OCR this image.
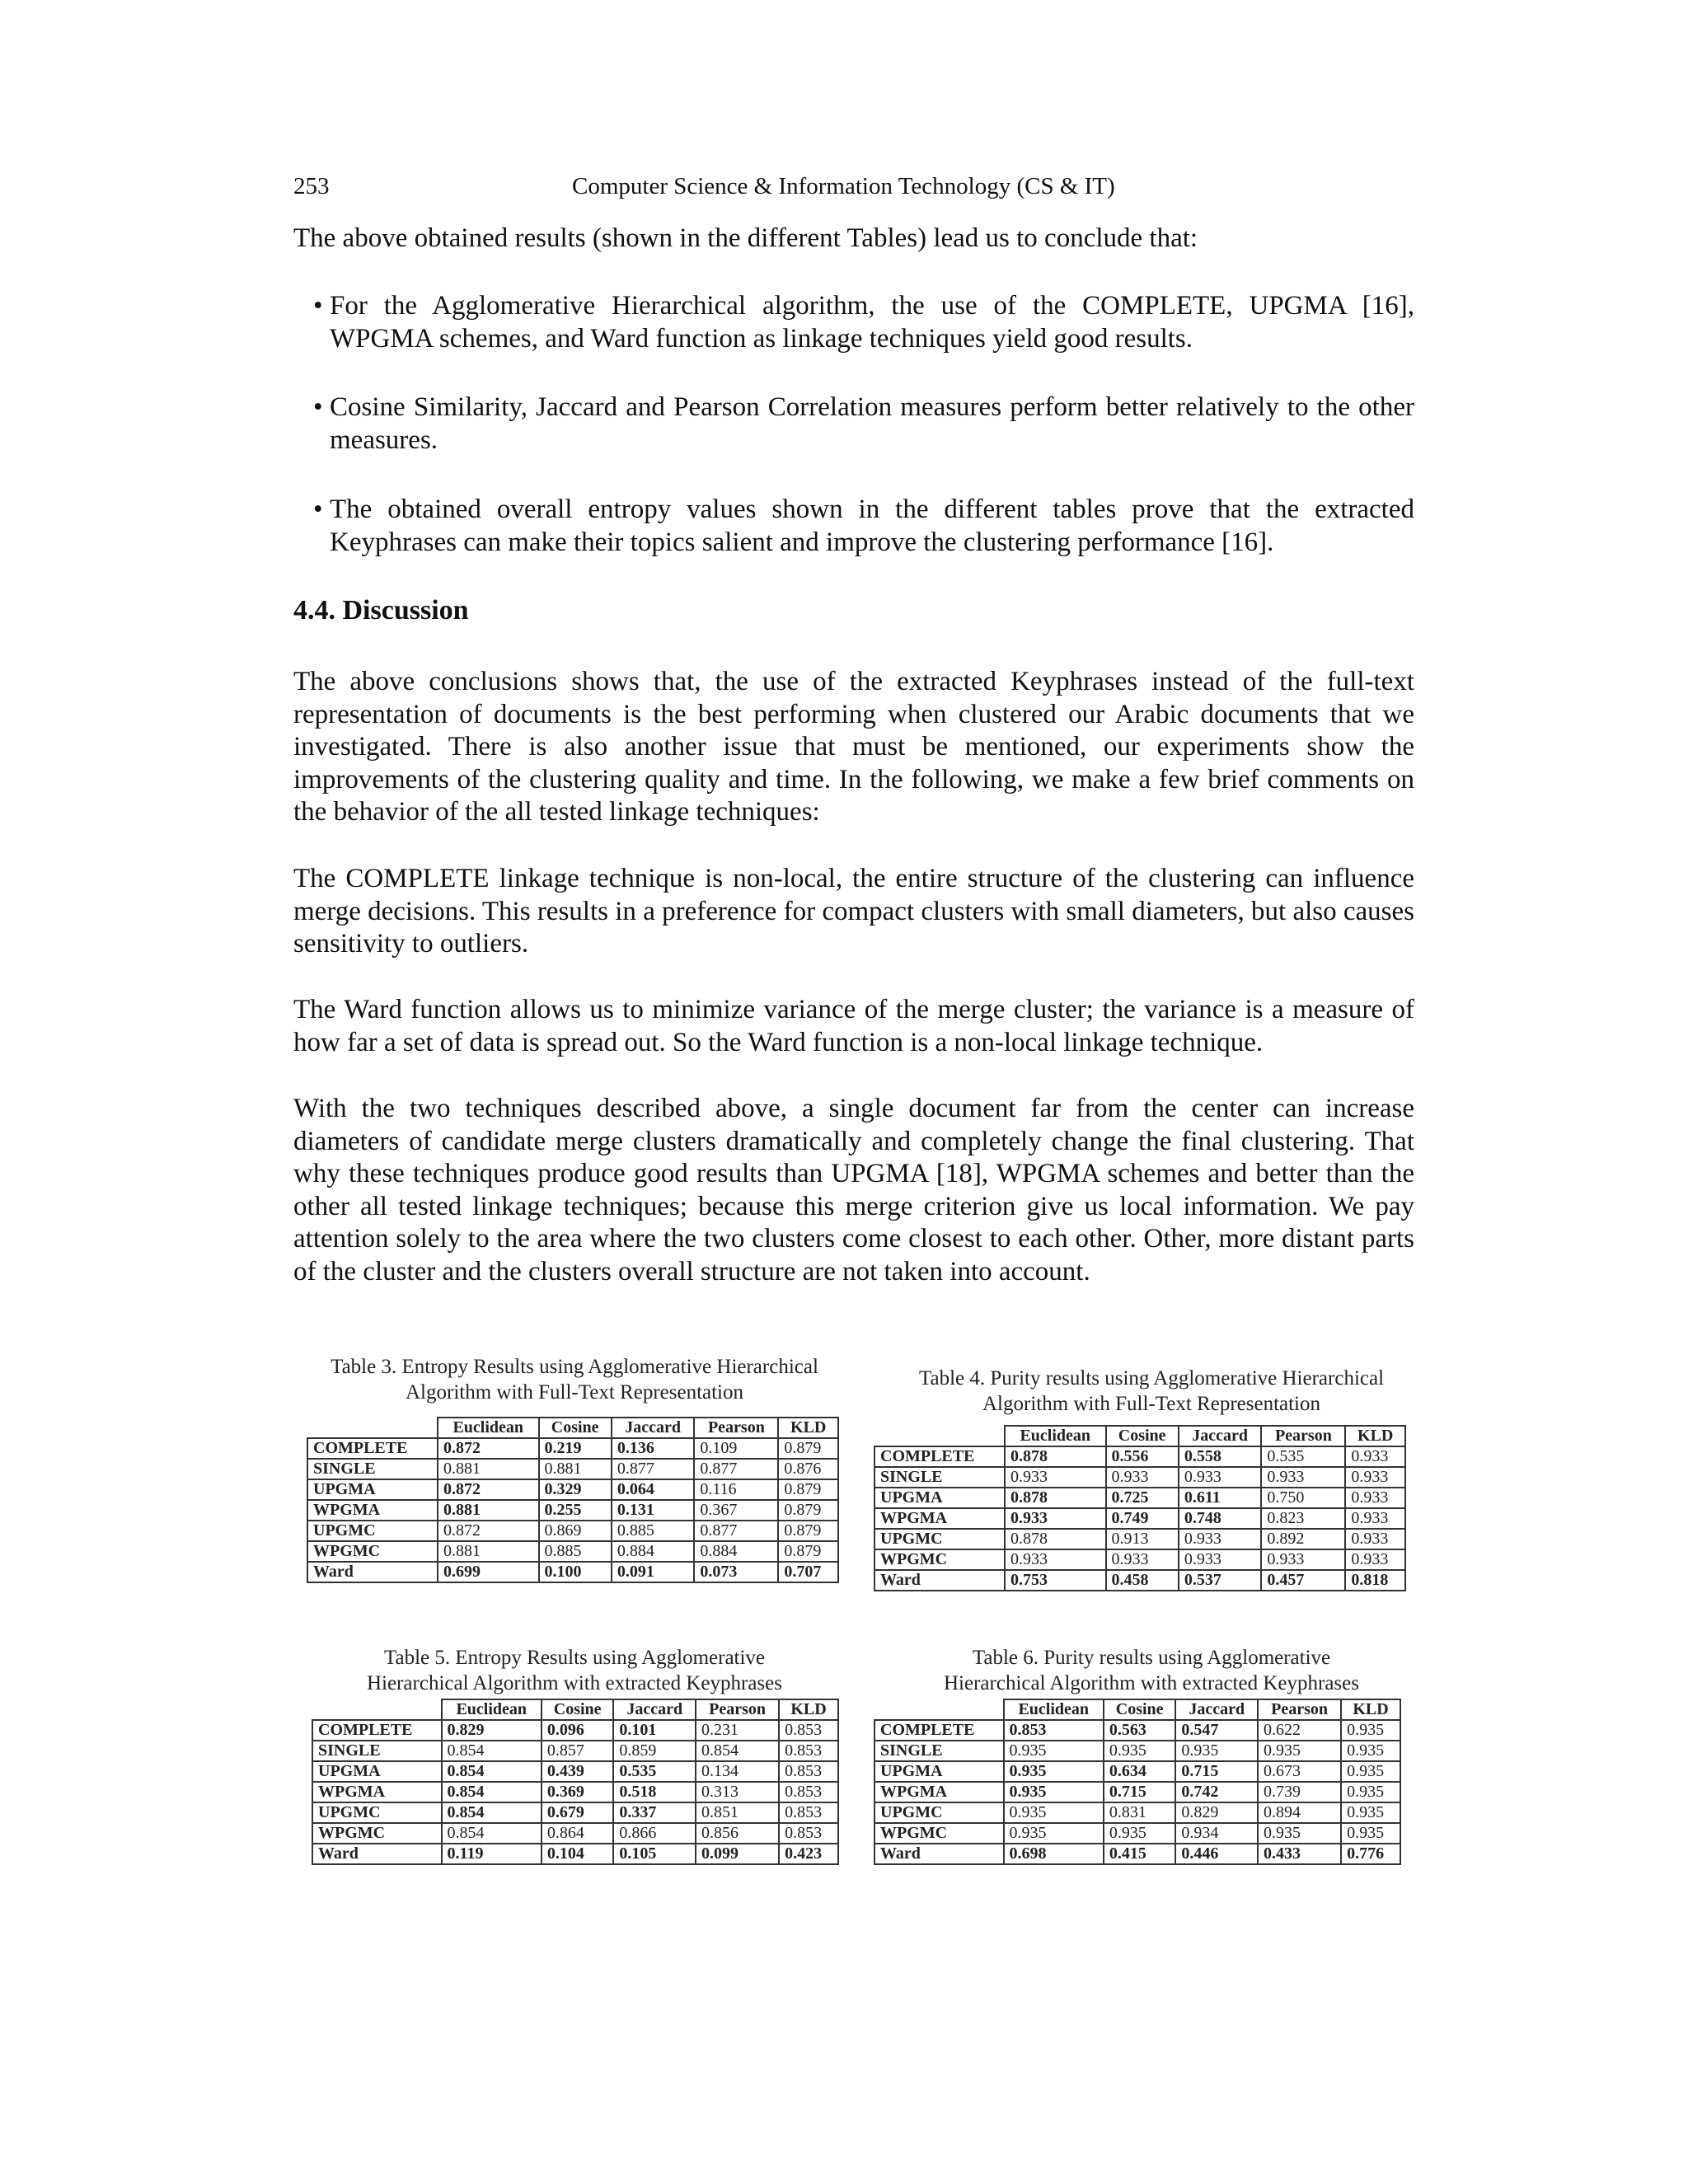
253	Computer Science & Information Technology (CS & IT)
The above obtained results (shown in the different Tables) lead us to conclude that:
• For the Agglomerative Hierarchical algorithm, the use of the COMPLETE, UPGMA [16], WPGMA schemes, and Ward function as linkage techniques yield good results.
• Cosine Similarity, Jaccard and Pearson Correlation measures perform better relatively to the other measures.
• The obtained overall entropy values shown in the different tables prove that the extracted Keyphrases can make their topics salient and improve the clustering performance [16].
4.4. Discussion
The above conclusions shows that, the use of the extracted Keyphrases instead of the full-text representation of documents is the best performing when clustered our Arabic documents that we investigated. There is also another issue that must be mentioned, our experiments show the improvements of the clustering quality and time. In the following, we make a few brief comments on the behavior of the all tested linkage techniques:
The COMPLETE linkage technique is non-local, the entire structure of the clustering can influence merge decisions. This results in a preference for compact clusters with small diameters, but also causes sensitivity to outliers.
The Ward function allows us to minimize variance of the merge cluster; the variance is a measure of how far a set of data is spread out. So the Ward function is a non-local linkage technique.
With the two techniques described above, a single document far from the center can increase diameters of candidate merge clusters dramatically and completely change the final clustering. That why these techniques produce good results than UPGMA [18], WPGMA schemes and better than the other all tested linkage techniques; because this merge criterion give us local information. We pay attention solely to the area where the two clusters come closest to each other. Other, more distant parts of the cluster and the clusters overall structure are not taken into account.
Table 3. Entropy Results using Agglomerative Hierarchical
Algorithm with Full-Text Representation
Table 4. Purity results using Agglomerative Hierarchical
Algorithm with Full-Text Representation
Table 5. Entropy Results using Agglomerative
Hierarchical Algorithm with extracted Keyphrases
Table 6. Purity results using Agglomerative
Hierarchical Algorithm with extracted Keyphrases
	Euclidean	Cosine	Jaccard	Pearson	KLD
COMPLETE	0.872	0.219	0.136	0.109	0.879
SINGLE	0.881	0.881	0.877	0.877	0.876
UPGMA	0.872	0.329	0.064	0.116	0.879
WPGMA	0.881	0.255	0.131	0.367	0.879
UPGMC	0.872	0.869	0.885	0.877	0.879
WPGMC	0.881	0.885	0.884	0.884	0.879
Ward	0.699	0.100	0.091	0.073	0.707
	Euclidean	Cosine	Jaccard	Pearson	KLD
COMPLETE	0.878	0.556	0.558	0.535	0.933
SINGLE	0.933	0.933	0.933	0.933	0.933
UPGMA	0.878	0.725	0.611	0.750	0.933
WPGMA	0.933	0.749	0.748	0.823	0.933
UPGMC	0.878	0.913	0.933	0.892	0.933
WPGMC	0.933	0.933	0.933	0.933	0.933
Ward	0.753	0.458	0.537	0.457	0.818
	Euclidean	Cosine	Jaccard	Pearson	KLD
COMPLETE	0.829	0.096	0.101	0.231	0.853
SINGLE	0.854	0.857	0.859	0.854	0.853
UPGMA	0.854	0.439	0.535	0.134	0.853
WPGMA	0.854	0.369	0.518	0.313	0.853
UPGMC	0.854	0.679	0.337	0.851	0.853
WPGMC	0.854	0.864	0.866	0.856	0.853
Ward	0.119	0.104	0.105	0.099	0.423
	Euclidean	Cosine	Jaccard	Pearson	KLD
COMPLETE	0.853	0.563	0.547	0.622	0.935
SINGLE	0.935	0.935	0.935	0.935	0.935
UPGMA	0.935	0.634	0.715	0.673	0.935
WPGMA	0.935	0.715	0.742	0.739	0.935
UPGMC	0.935	0.831	0.829	0.894	0.935
WPGMC	0.935	0.935	0.934	0.935	0.935
Ward	0.698	0.415	0.446	0.433	0.776
